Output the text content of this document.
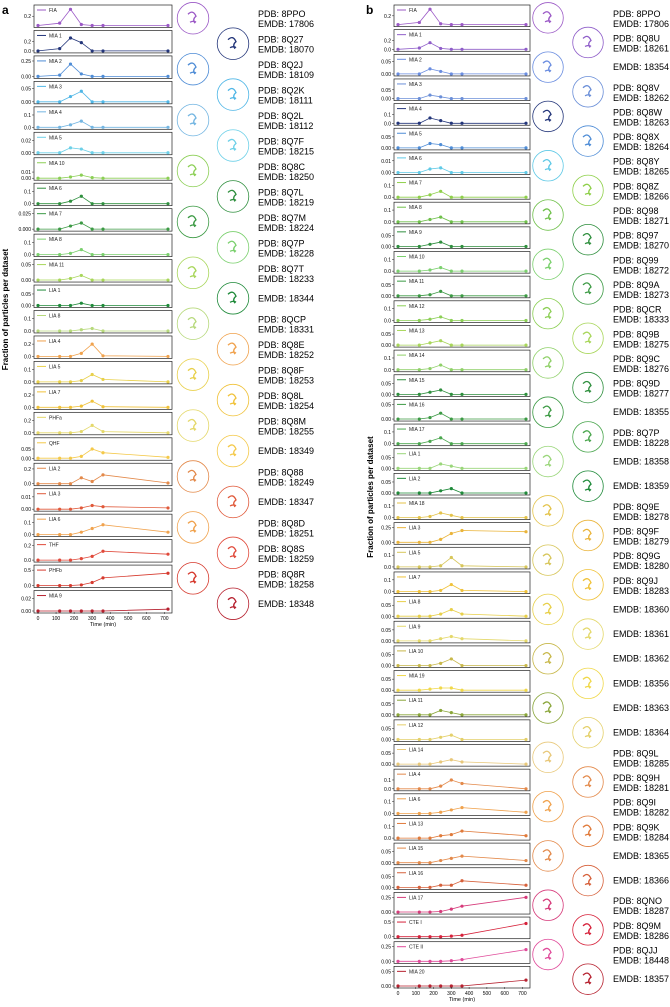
a
Fraction of particles per dataset
FIA
0.2	PDB: 8PPO
EMDB: 17806
MIA 1
0.2
0.0
PDB: 8Q27
EMDB: 18070
MIA 2
0.25
0.00
PDB: 8Q2J
EMDB: 18109
MIA 3
0.05
0.00
PDB: 8Q2K
EMDB: 18111
MIA 4
0.1
0.0
PDB: 8Q2L
EMDB: 18112
MIA 5
0.02
0.00
PDB: 8Q7F
EMDB: 18215
MIA 10
0.01
0.00
PDB: 8Q8C
EMDB: 18250
MIA 6
0.1
0.0
PDB: 8Q7L
EMDB: 18219
MIA 7
0.025
0.000
PDB: 8Q7M
EMDB: 18224
MIA 8
0.1
0.0
PDB: 8Q7P
EMDB: 18228
MIA 11
0.05
0.00
PDB: 8Q7T
EMDB: 18233
LIA 1
0.05
0.00
EMDB: 18344
LIA 8
0.1
0.0
PDB: 8QCP
EMDB: 18331
LIA 4
0.2
0.0
PDB: 8Q8E
EMDB: 18252
LIA 5
0.1
0.0
PDB: 8Q8F
EMDB: 18253
LIA 7
0.2
0.0
PDB: 8Q8L
EMDB: 18254
PHFa
0.2
0.0
PDB: 8Q8M
EMDB: 18255
QHF
0.05
0.00
EMDB: 18349
LIA 2
0.2
0.0
PDB: 8Q88
EMDB: 18249
LIA 3
0.01
0.00
EMDB: 18347
LIA 6
0.1
0.0
PDB: 8Q8D
EMDB: 18251
THF
0.2
0.0
PDB: 8Q8S
EMDB: 18259
PHFb
0.5
0.0
PDB: 8Q8R
EMDB: 18258
MIA 9
0.02
0.00
EMDB: 18348
0 100 200 300 400 500 600 700
Time (min)
b
Fraction of particles per dataset
FIA
0.2	PDB: 8PPO
EMDB: 17806
MIA 1
0.2
0.0
PDB: 8Q8U
EMDB: 18261
MIA 2
0.05
0.00
EMDB: 18354
MIA 3
0.05
0.00
PDB: 8Q8V
EMDB: 18262
MIA 4
0.1
0.0
PDB: 8Q8W
EMDB: 18263
MIA 5
0.05
0.00
PDB: 8Q8X
EMDB: 18264
MIA 6
0.01
0.00
PDB: 8Q8Y
EMDB: 18265
MIA 7
0.1
0.0
PDB: 8Q8Z
EMDB: 18266
MIA 8
0.1
0.0
PDB: 8Q98
EMDB: 18271
MIA 9
0.05
0.00
PDB: 8Q97
EMDB: 18270
MIA 10
0.1
0.0
PDB: 8Q99
EMDB: 18272
MIA 11
0.05
0.00
PDB: 8Q9A
EMDB: 18273
MIA 12
0.1
0.0
PDB: 8QCR
EMDB: 18333
MIA 13
0.05
0.00
PDB: 8Q9B
EMDB: 18275
MIA 14
0.1
0.0
PDB: 8Q9C
EMDB: 18276
MIA 15
0.05
0.00
PDB: 8Q9D
EMDB: 18277
MIA 16
0.05
0.00
EMDB: 18355
MIA 17
0.1
0.0
PDB: 8Q7P
EMDB: 18228
LIA 1
0.05
0.00
EMDB: 18358
LIA 2
0.05
0.00
EMDB: 18359
MIA 18
0.1
0.0
PDB: 8Q9E
EMDB: 18278
LIA 3
0.25
0.00
PDB: 8Q9F
EMDB: 18279
LIA 5
0.1
0.0
PDB: 8Q9G
EMDB: 18280
LIA 7
0.1
0.0
PDB: 8Q9J
EMDB: 18283
LIA 8
0.05
0.00
EMDB: 18360
LIA 9
0.05
0.00
EMDB: 18361
LIA 10
0.05
0.00
EMDB: 18362
MIA 19
0.05
0.00
EMDB: 18356
LIA 11
0.05
0.00
EMDB: 18363
LIA 12
0.05
0.00
EMDB: 18364
LIA 14
0.05
0.00
PDB: 8Q9L
EMDB: 18285
LIA 4
0.1
0.0
PDB: 8Q9H
EMDB: 18281
LIA 6
0.1
0.0
PDB: 8Q9I
EMDB: 18282
LIA 13
0.1
0.0
PDB: 8Q9K
EMDB: 18284
LIA 15
0.05
0.00
EMDB: 18365
LIA 16
0.05
0.00
EMDB: 18366
LIA 17
0.25
0.00
PDB: 8QNO
EMDB: 18287
CTE I
0.5
0.0
PDB: 8Q9M
EMDB: 18286
CTE II
0.25
0.00
PDB: 8QJJ
EMDB: 18448
MIA 20
0.05
0.00
EMDB: 18357
0 100 200 300 400 500 600 700
Time (min)
